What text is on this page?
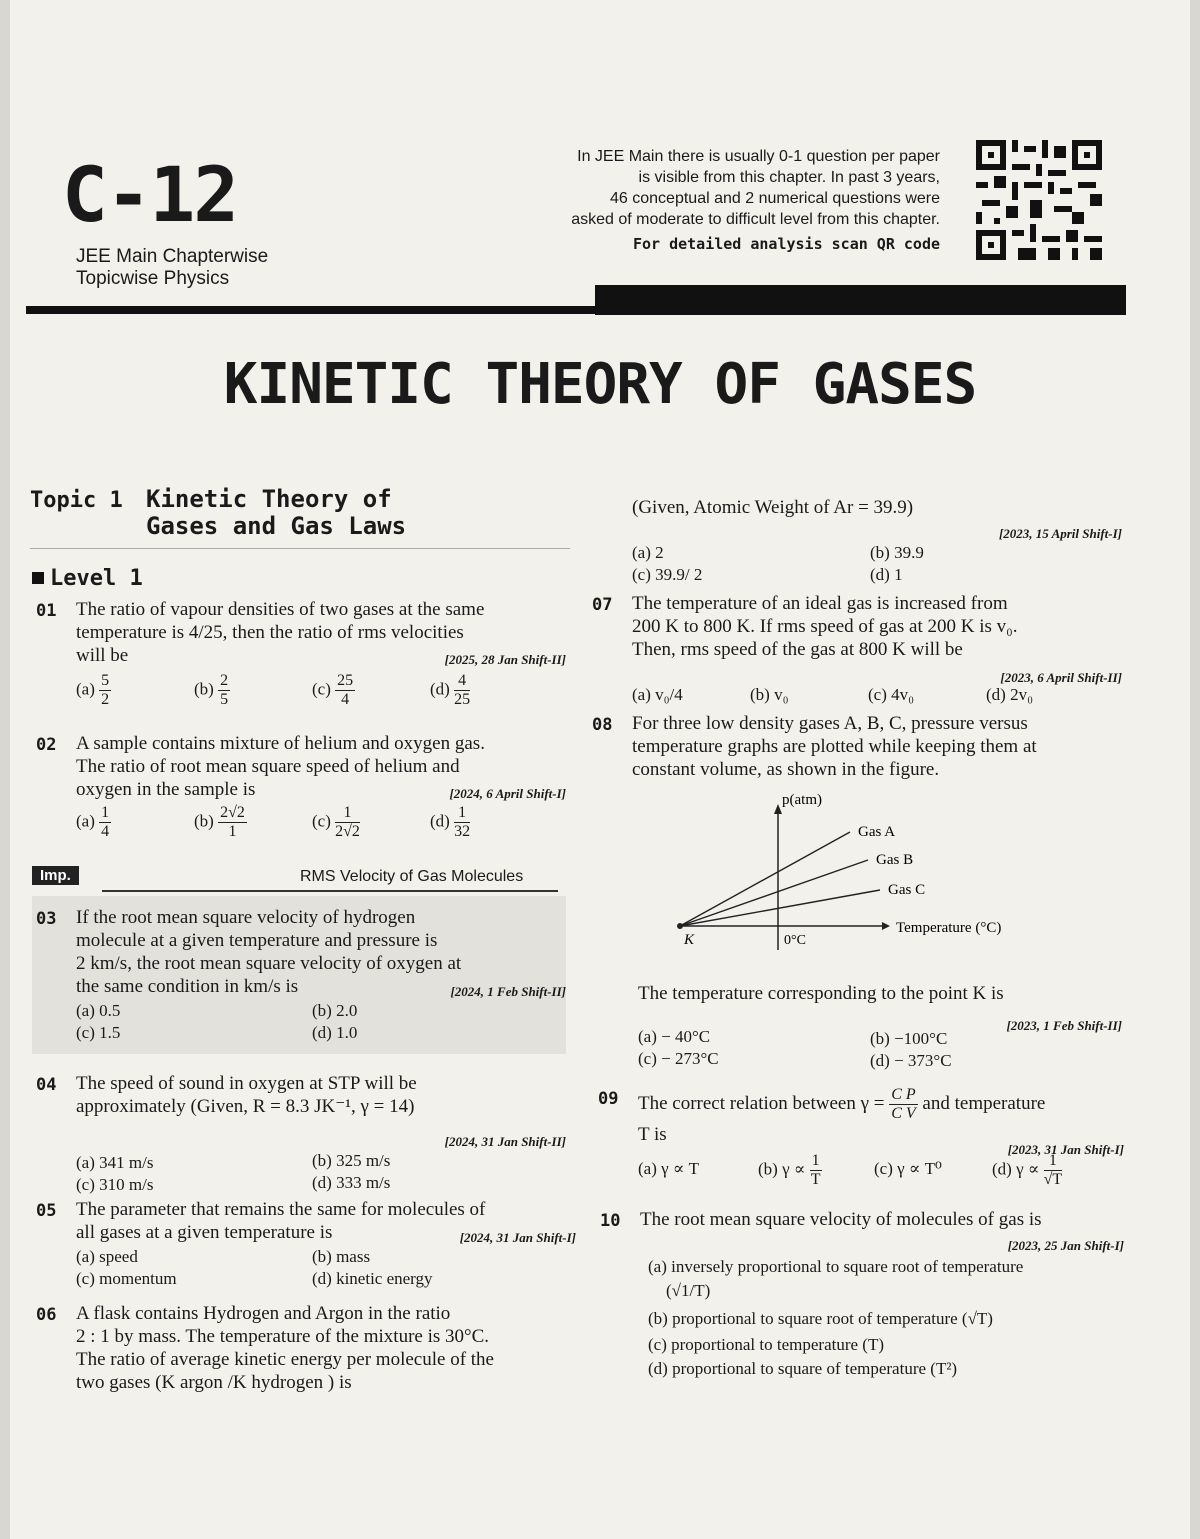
C-12
JEE Main Chapterwise
Topicwise Physics
In JEE Main there is usually 0-1 question per paper
is visible from this chapter. In past 3 years,
46 conceptual and 2 numerical questions were
asked of moderate to difficult level from this chapter.
For detailed analysis scan QR code
KINETIC THEORY OF GASES
Topic 1 Kinetic Theory of
Gases and Gas Laws
Level 1
01 The ratio of vapour densities of two gases at the same
temperature is 4/25, then the ratio of rms velocities
will be	[2025, 28 Jan Shift-II]
$(a) \frac{5}{2}$	$(b) \frac{2}{5}$	$(c) \frac{25}{4}$	$(d) \frac{4}{25}$
02 A sample contains mixture of helium and oxygen gas.
The ratio of root mean square speed of helium and
oxygen in the sample is	[2024, 6 April Shift-I]
$(a) \frac{1}{4}$	$(b) \frac{2√2}{1}$	$(c) \frac{1}{2√2}$	$(d) \frac{1}{32}$
Imp.	RMS Velocity of Gas Molecules
03 If the root mean square velocity of hydrogen
molecule at a given temperature and pressure is
2 km/s, the root mean square velocity of oxygen at
the same condition in km/s is	[2024, 1 Feb Shift-II]
(a) 0.5	(b) 2.0
(c) 1.5	(d) 1.0
04 The speed of sound in oxygen at STP will be
approximately (Given, R = 8.3 JK⁻¹, γ = 14)
[2024, 31 Jan Shift-II]
(a) 341 m/s	(b) 325 m/s
(c) 310 m/s	(d) 333 m/s
05 The parameter that remains the same for molecules of
all gases at a given temperature is	[2024, 31 Jan Shift-I]
(a) speed	(b) mass
(c) momentum	(d) kinetic energy
06 A flask contains Hydrogen and Argon in the ratio
2 : 1 by mass. The temperature of the mixture is 30°C.
The ratio of average kinetic energy per molecule of the
two gases (K argon /K hydrogen ) is
(Given, Atomic Weight of Ar = 39.9)
[2023, 15 April Shift-I]
(a) 2	(b) 39.9
(c) 39.9/ 2	(d) 1
07 The temperature of an ideal gas is increased from
200 K to 800 K. If rms speed of gas at 200 K is v₀.
Then, rms speed of the gas at 800 K will be
[2023, 6 April Shift-II]
(a) v₀/4	(b) v₀	(c) 4v₀	(d) 2v₀
08 For three low density gases A, B, C, pressure versus
temperature graphs are plotted while keeping them at
constant volume, as shown in the figure.
p(atm)
Temperature (°C)
0°C
K
Gas A
Gas B
Gas C
The temperature corresponding to the point K is
[2023, 1 Feb Shift-II]
(a) − 40°C	(b) −100°C
(c) − 273°C	(d) − 373°C
09 The correct relation between $\gamma = \frac{\text{C P}}{\text{C V}}$ and temperature
T is
[2023, 31 Jan Shift-I]
(a) γ ∝ T	(b) $\gamma \propto \frac{1}{T}$	(c) γ ∝ T⁰	(d) $\gamma \propto \frac{1}{√T}$
10 The root mean square velocity of molecules of gas is
[2023, 25 Jan Shift-I]
(a) inversely proportional to square root of temperature
(√1/T)
(b) proportional to square root of temperature (√T)
(c) proportional to temperature (T)
(d) proportional to square of temperature (T²)
